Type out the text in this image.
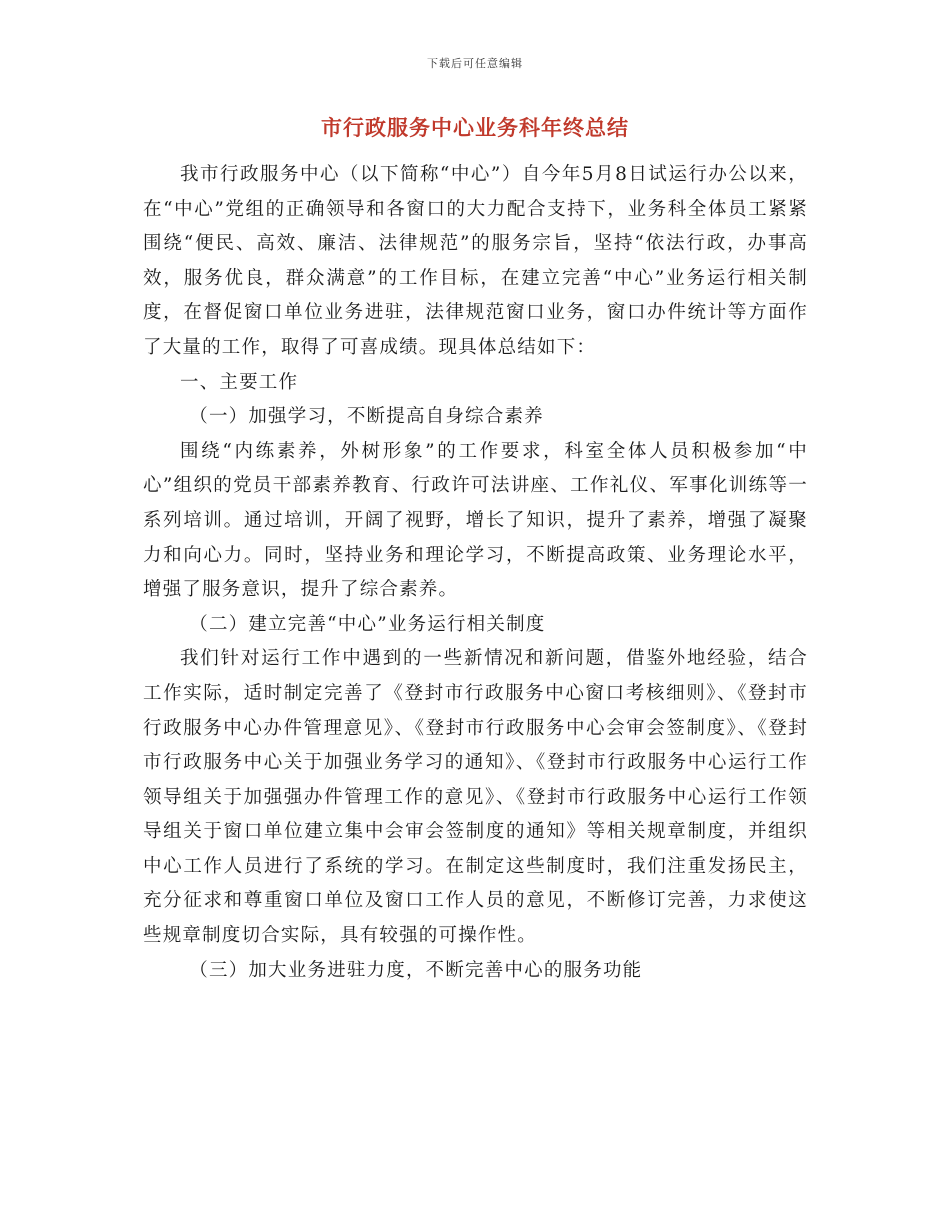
下载后可任意编辑
市行政服务中心业务科年终总结

我市行政服务中心（以下简称“中心”）自今年5月8日试运行办公以来，在“中心”党组的正确领导和各窗口的大力配合支持下，业务科全体员工紧紧围绕“便民、高效、廉洁、法律规范”的服务宗旨，坚持“依法行政，办事高效，服务优良，群众满意”的工作目标，在建立完善“中心”业务运行相关制度，在督促窗口单位业务进驻，法律规范窗口业务，窗口办件统计等方面作了大量的工作，取得了可喜成绩。现具体总结如下：

一、主要工作

（一）加强学习，不断提高自身综合素养

围绕“内练素养，外树形象”的工作要求，科室全体人员积极参加“中心”组织的党员干部素养教育、行政许可法讲座、工作礼仪、军事化训练等一系列培训。通过培训，开阔了视野，增长了知识，提升了素养，增强了凝聚力和向心力。同时，坚持业务和理论学习，不断提高政策、业务理论水平，增强了服务意识，提升了综合素养。

（二）建立完善“中心”业务运行相关制度

我们针对运行工作中遇到的一些新情况和新问题，借鉴外地经验，结合工作实际，适时制定完善了《登封市行政服务中心窗口考核细则》、《登封市行政服务中心办件管理意见》、《登封市行政服务中心会审会签制度》、《登封市行政服务中心关于加强业务学习的通知》、《登封市行政服务中心运行工作领导组关于加强强办件管理工作的意见》、《登封市行政服务中心运行工作领导组关于窗口单位建立集中会审会签制度的通知》等相关规章制度，并组织中心工作人员进行了系统的学习。在制定这些制度时，我们注重发扬民主，充分征求和尊重窗口单位及窗口工作人员的意见，不断修订完善，力求使这些规章制度切合实际，具有较强的可操作性。

（三）加大业务进驻力度，不断完善中心的服务功能
